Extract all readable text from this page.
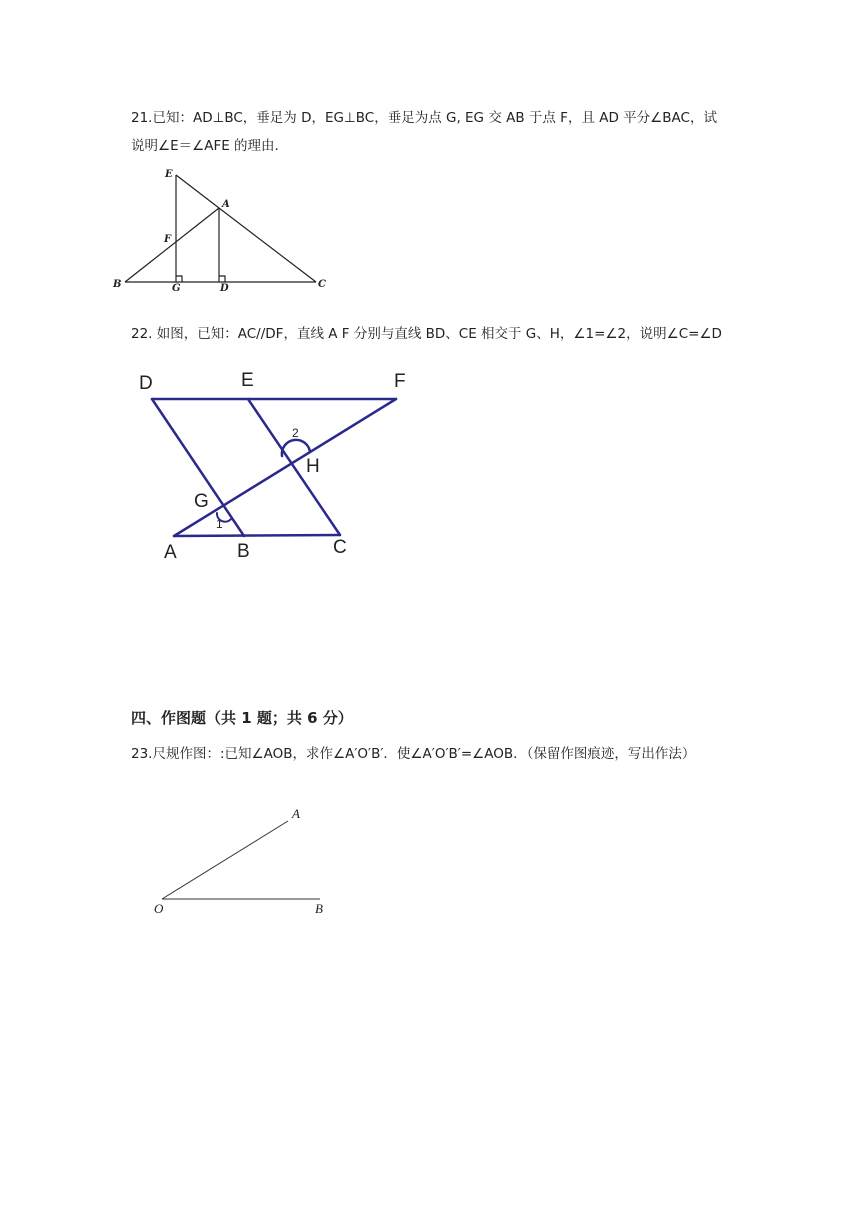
21.已知：AD⊥BC，垂足为 D，EG⊥BC，垂足为点 G, EG 交 AB 于点 F，且 AD 平分∠BAC，试
说明∠E＝∠AFE 的理由.
E
A
F
B	G	D	C
22. 如图，已知：AC//DF，直线 A F 分别与直线 BD、CE 相交于 G、H，∠1=∠2，说明∠C=∠D
D	E	F
2
H
G
1
A	B	C
四、作图题（共 1 题；共 6 分）
23.尺规作图：:已知∠AOB，求作∠A′O′B′．使∠A′O′B′=∠AOB．（保留作图痕迹，写出作法）
A
O	B
